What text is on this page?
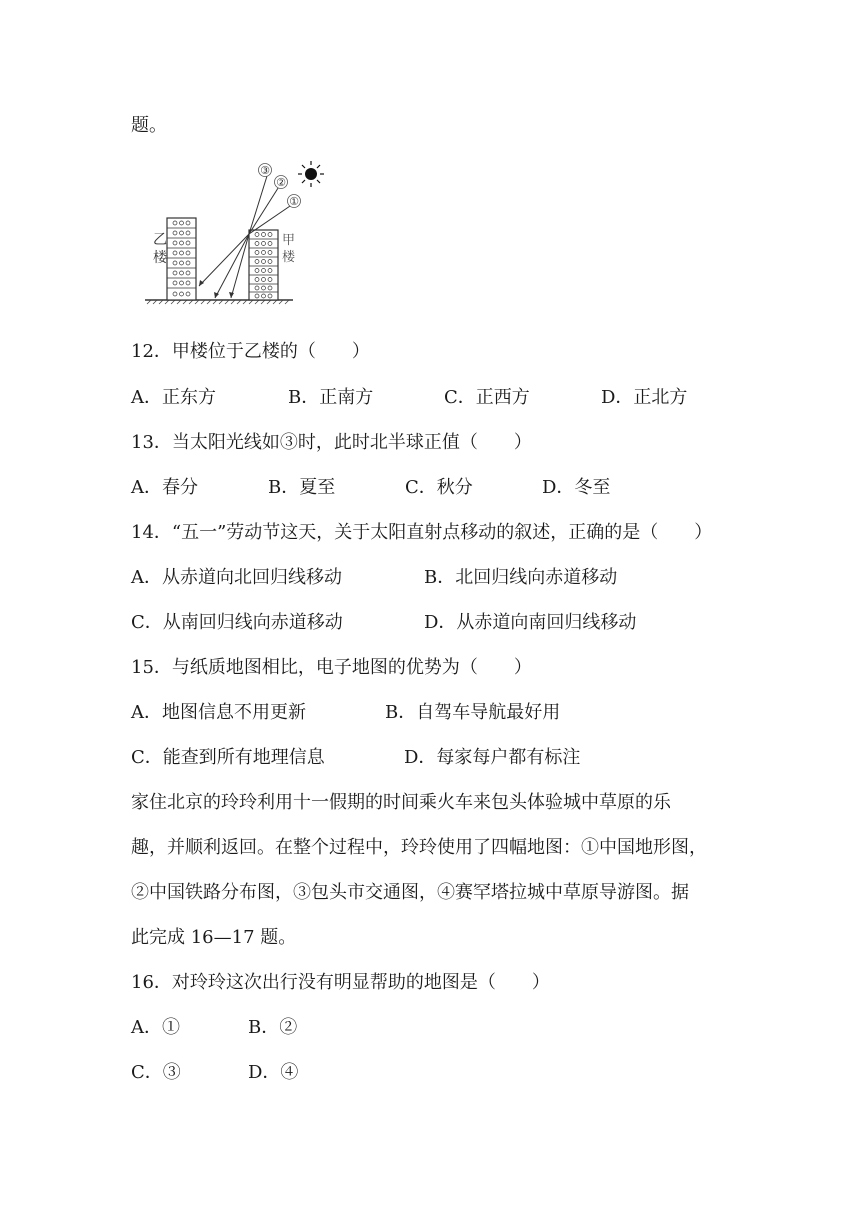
题。
乙
楼
甲
楼
③
②
①
12．甲楼位于乙楼的（　　）
A．正东方	B．正南方	C．正西方	D．正北方
13．当太阳光线如③时，此时北半球正值（　　）
A．春分	B．夏至	C．秋分	D．冬至
14．“五一”劳动节这天，关于太阳直射点移动的叙述，正确的是（　　）
A．从赤道向北回归线移动	B．北回归线向赤道移动
C．从南回归线向赤道移动	D．从赤道向南回归线移动
15．与纸质地图相比，电子地图的优势为（　　）
A．地图信息不用更新	B．自驾车导航最好用
C．能查到所有地理信息	D．每家每户都有标注
家住北京的玲玲利用十一假期的时间乘火车来包头体验城中草原的乐
趣，并顺利返回。在整个过程中，玲玲使用了四幅地图：①中国地形图，
②中国铁路分布图，③包头市交通图，④赛罕塔拉城中草原导游图。据
此完成 16—17 题。
16．对玲玲这次出行没有明显帮助的地图是（　　）
A．①	B．②
C．③	D．④
